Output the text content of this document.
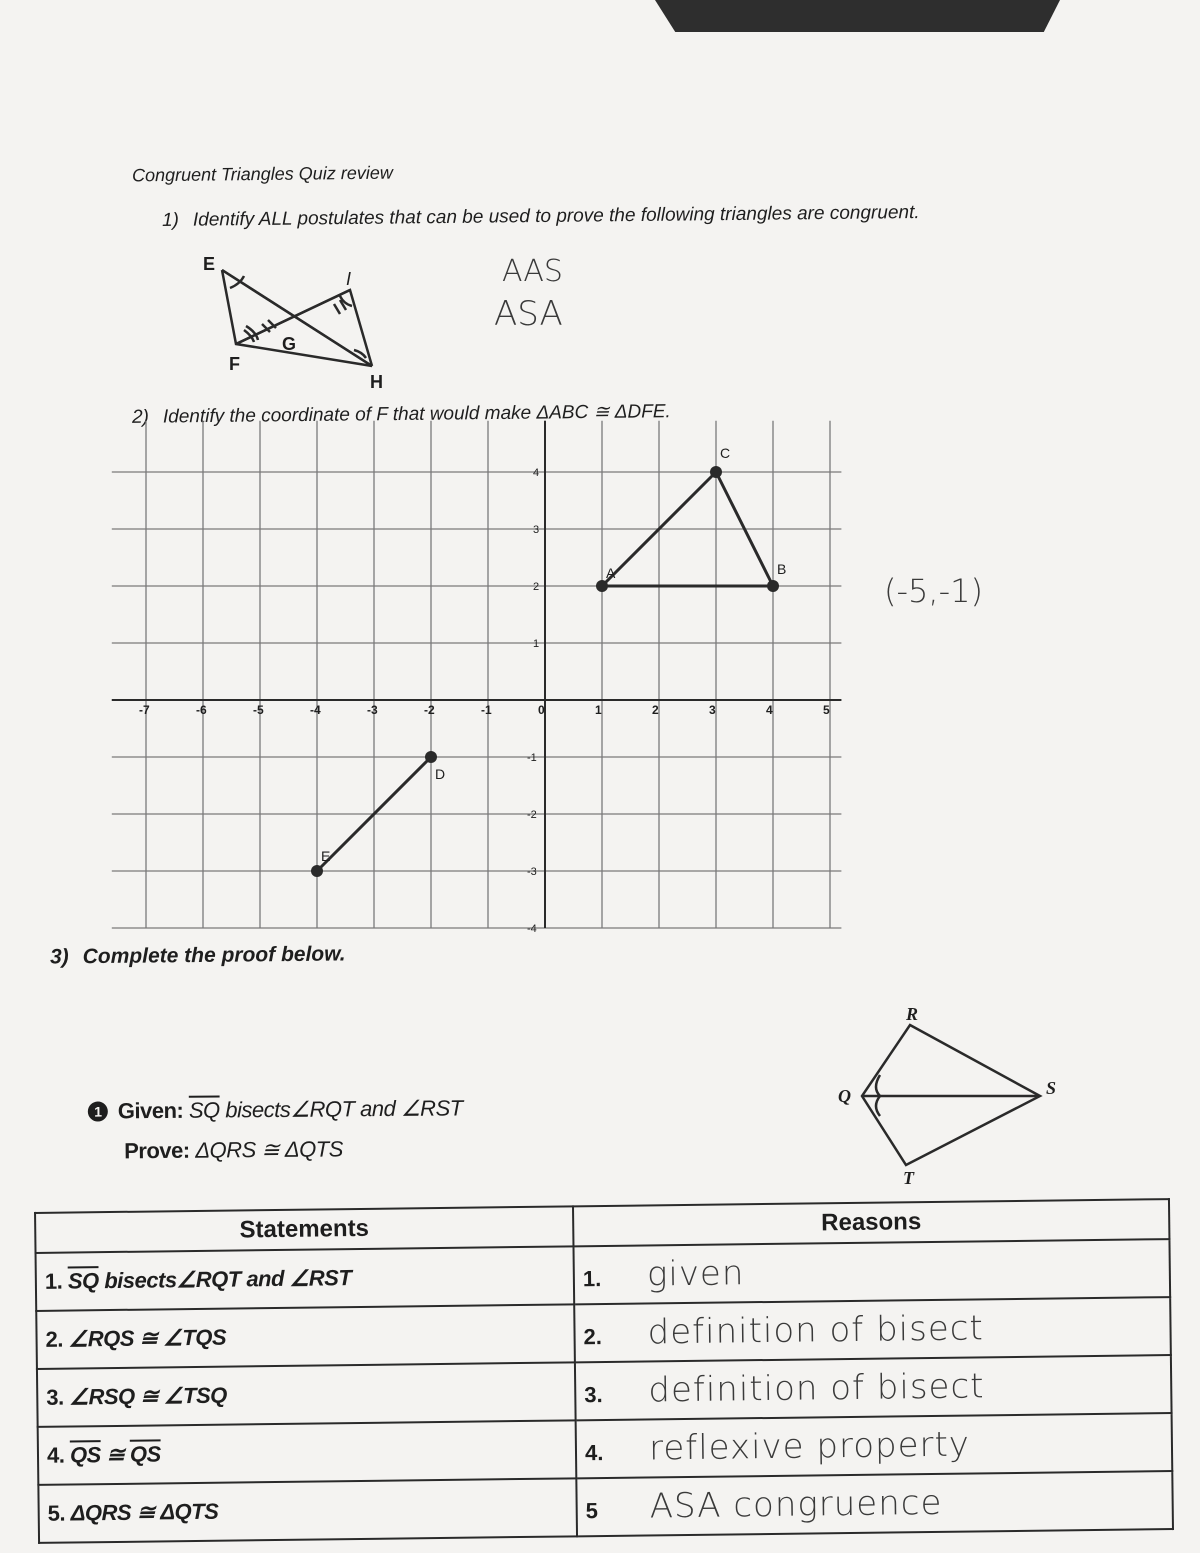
Congruent Triangles Quiz review
1) Identify ALL postulates that can be used to prove the following triangles are congruent.
E
I
G
F
H
AAS
ASA
2) Identify the coordinate of F that would make ΔABC ≅ ΔDFE.
-7	-6	-5	-4	-3	-2	-1	0	1	2	3	4	5
4
3
2
1
-1
-2
-3
-4
A	B
C
D
E
(-5,-1)
3) Complete the proof below.
1 Given: $\overline{SQ}$ bisects∠RQT and ∠RST
Prove: ΔQRS ≅ ΔQTS
R
Q	S
T
Statements	Reasons
1. $\overline{SQ}$ bisects∠RQT and ∠RST	1. given
2. ∠RQS ≅ ∠TQS	2. definition of bisect
3. ∠RSQ ≅ ∠TSQ	3. definition of bisect
4. $\overline{QS}$ ≅ $\overline{QS}$	4. reflexive property
5. ΔQRS ≅ ΔQTS	5 ASA congruence
